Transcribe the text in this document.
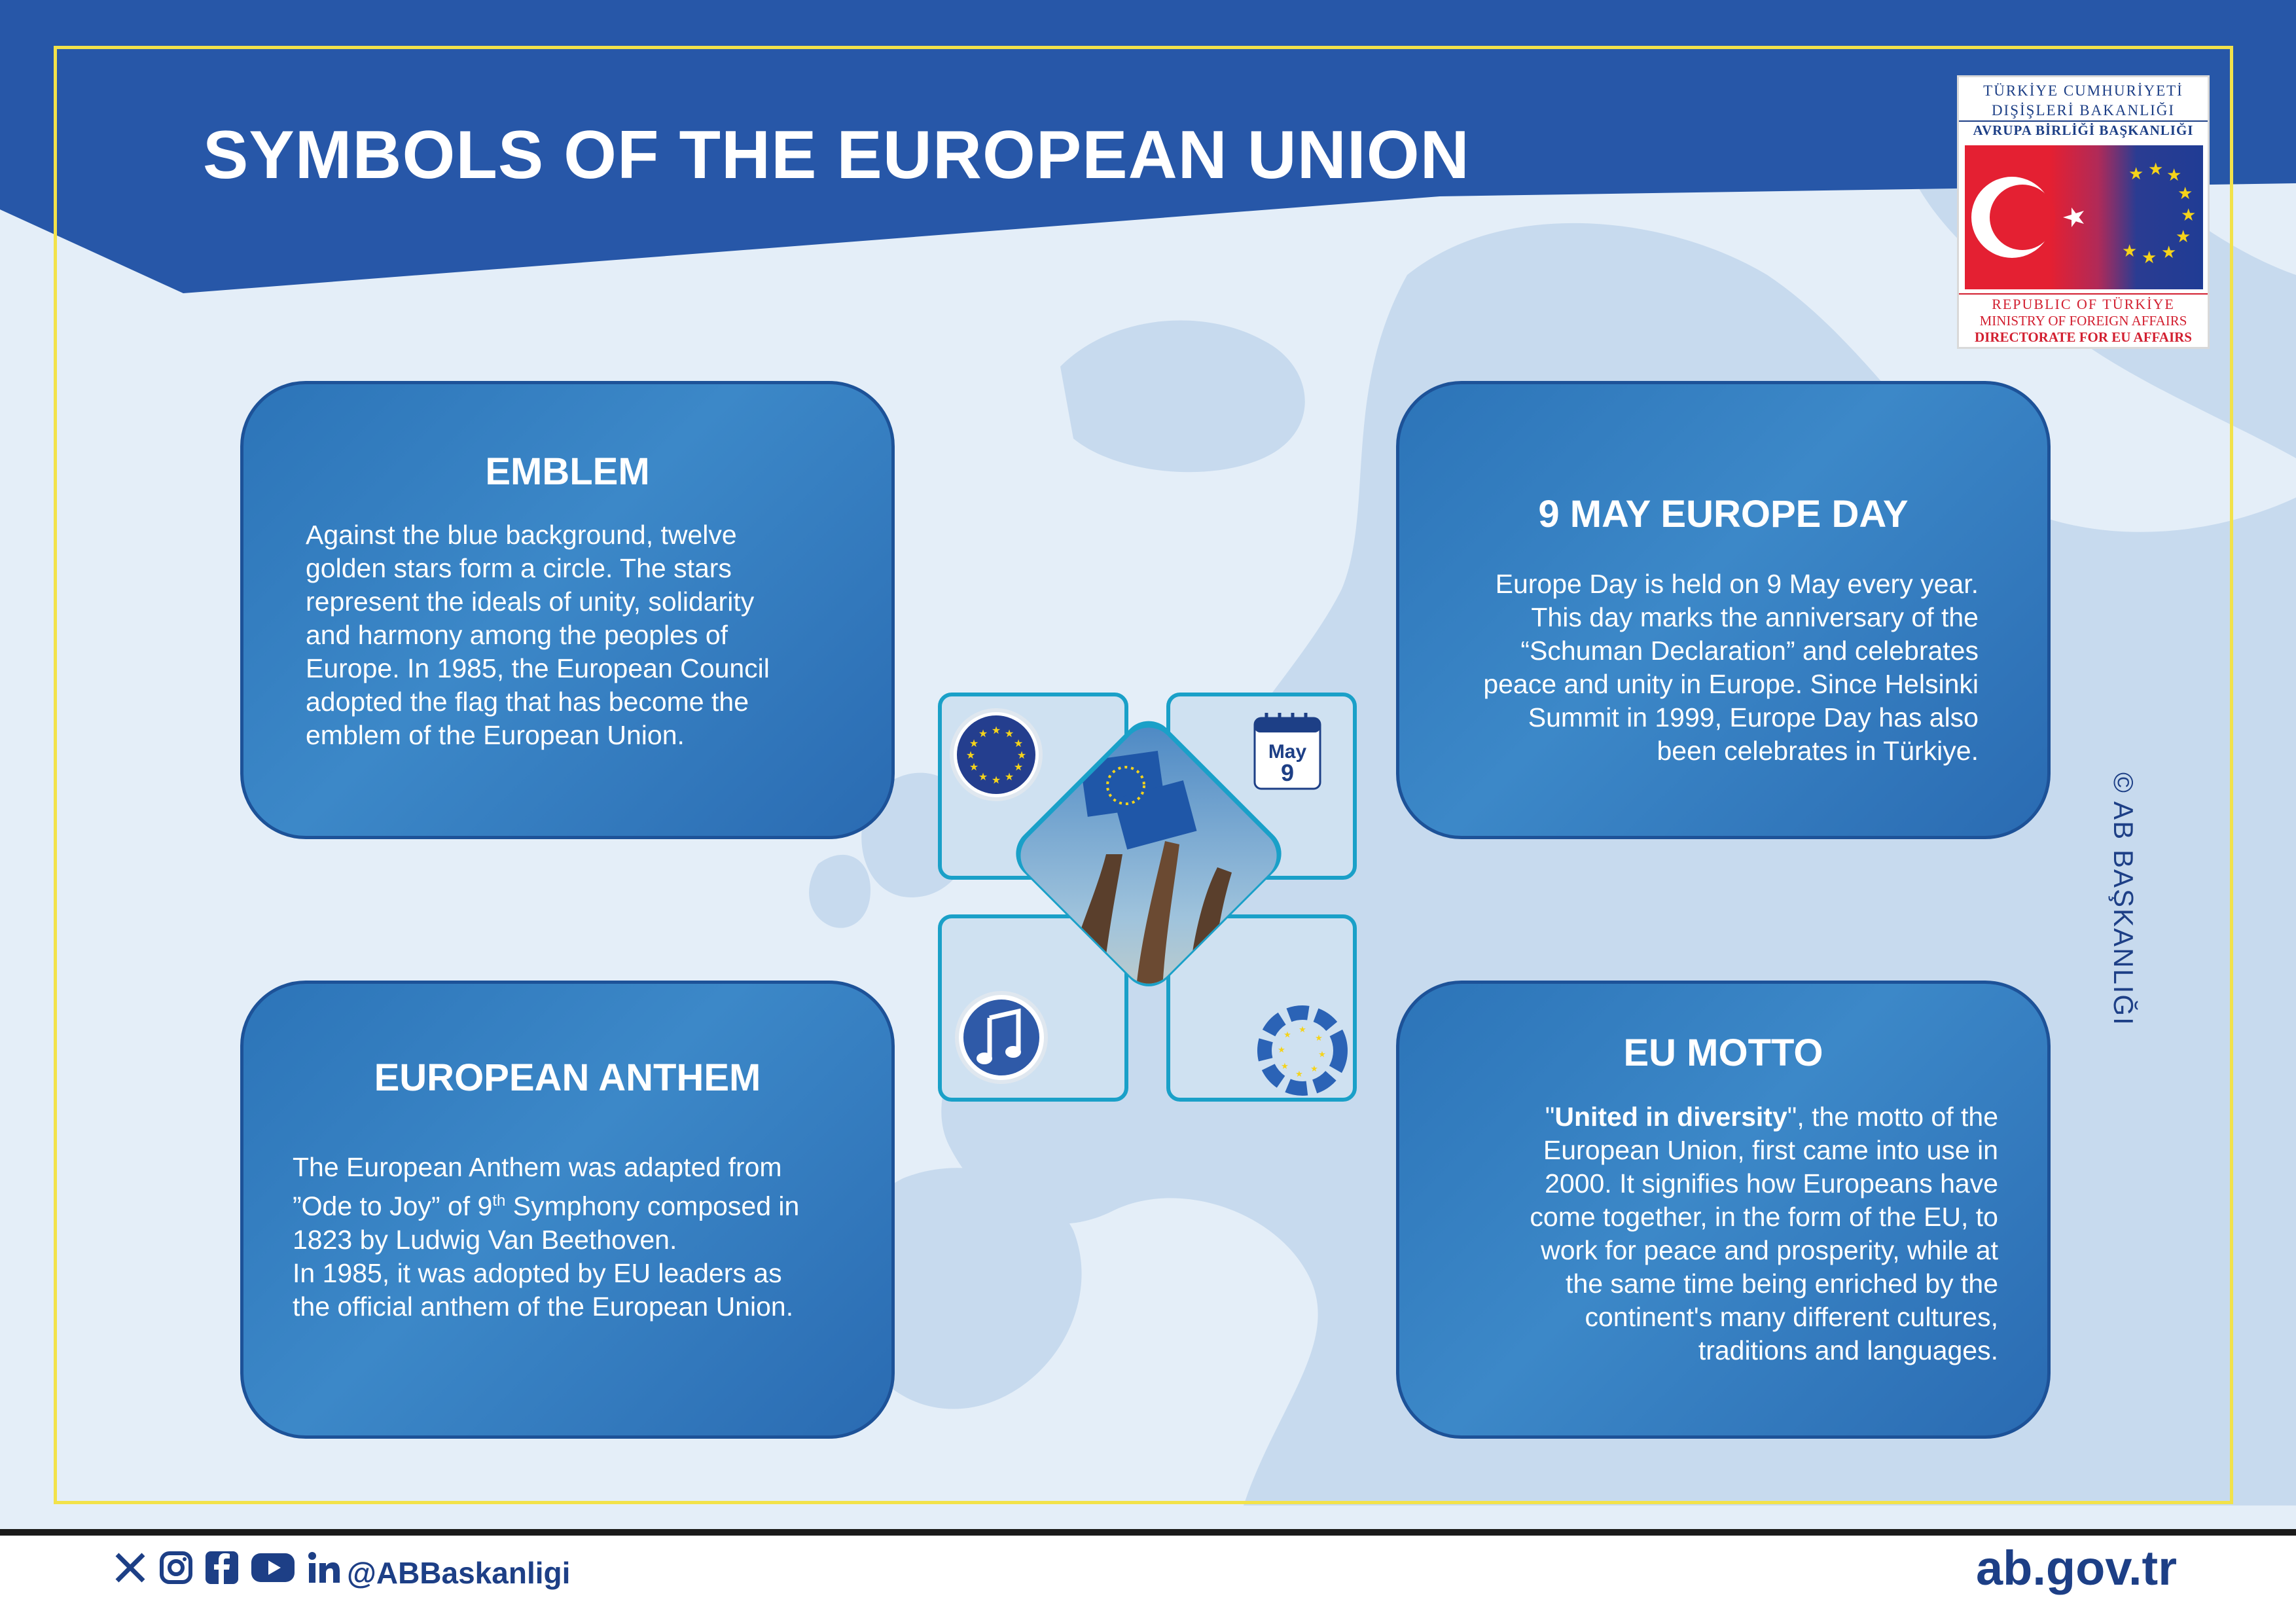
SYMBOLS OF THE EUROPEAN UNION
TÜRKİYE CUMHURİYETİ
DIŞİŞLERİ BAKANLIĞI
AVRUPA BİRLİĞİ BAŞKANLIĞI
★ ★ ★
★
★
★
★
★
★
REPUBLIC OF TÜRKİYE
MINISTRY OF FOREIGN AFFAIRS
DIRECTORATE FOR EU AFFAIRS
EMBLEM
Against the blue background, twelve
golden stars form a circle. The stars
represent the ideals of unity, solidarity
and harmony among the peoples of
Europe. In 1985, the European Council
adopted the flag that has become the
emblem of the European Union.
9 MAY EUROPE DAY
Europe Day is held on 9 May every year.
This day marks the anniversary of the
“Schuman Declaration” and celebrates
peace and unity in Europe. Since Helsinki
Summit in 1999, Europe Day has also
been celebrates in Türkiye.
EUROPEAN ANTHEM
The European Anthem was adapted from
”Ode to Joy” of 9th Symphony composed in
1823 by Ludwig Van Beethoven.
In 1985, it was adopted by EU leaders as
the official anthem of the European Union.
EU MOTTO
"United in diversity", the motto of the
European Union, first came into use in
2000. It signifies how Europeans have
come together, in the form of the EU, to
work for peace and prosperity, while at
the same time being enriched by the
continent's many different cultures,
traditions and languages.
★ ★
★
★
★
★
★
★
★
★
★
★
May
9
★
★
★
★
★
★
★
★
© AB BAŞKANLIĞI
@ABBaskanligi	ab.gov.tr
